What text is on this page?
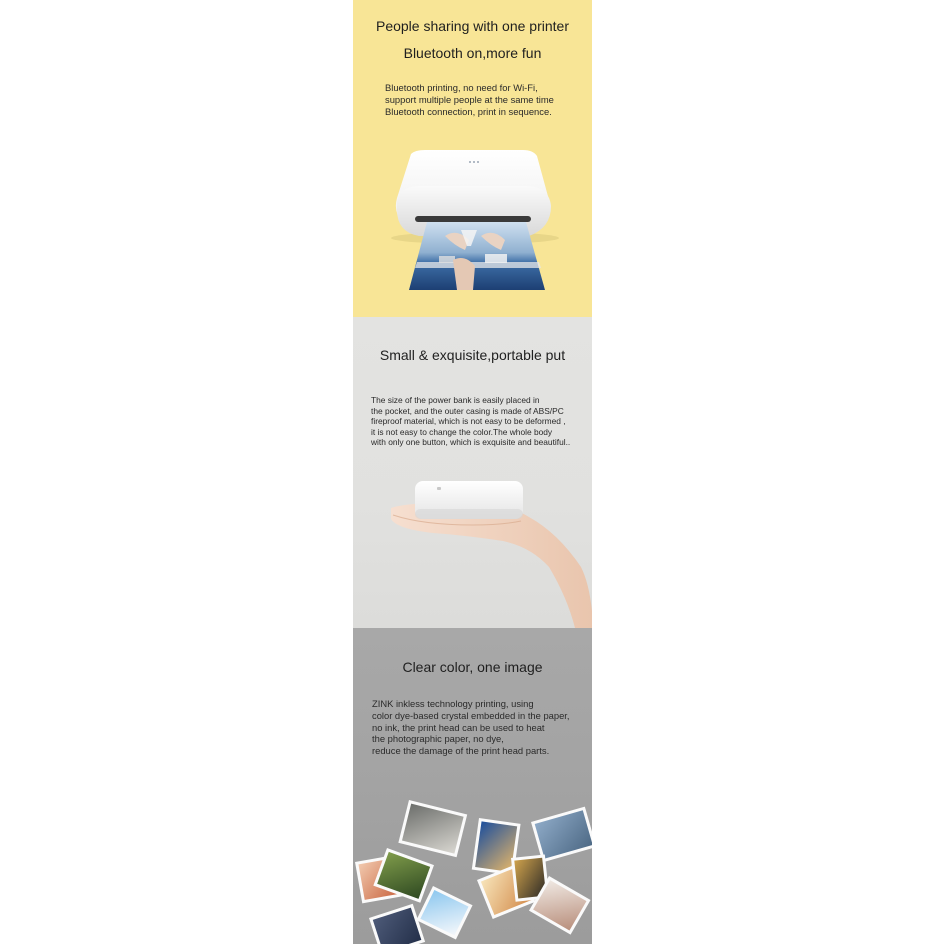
People sharing with one printer
Bluetooth on,more fun
Bluetooth printing, no need for Wi-Fi,
support multiple people at the same time
Bluetooth connection, print in sequence.
Small & exquisite,portable put
The size of the power bank is easily placed in
the pocket, and the outer casing is made of ABS/PC
fireproof material, which is not easy to be deformed ,
it is not easy to change the color.The whole body
with only one button, which is exquisite and beautiful..
Clear color, one image
ZINK inkless technology printing, using
color dye-based crystal embedded in the paper,
no ink, the print head can be used to heat
the photographic paper, no dye,
reduce the damage of the print head parts.
